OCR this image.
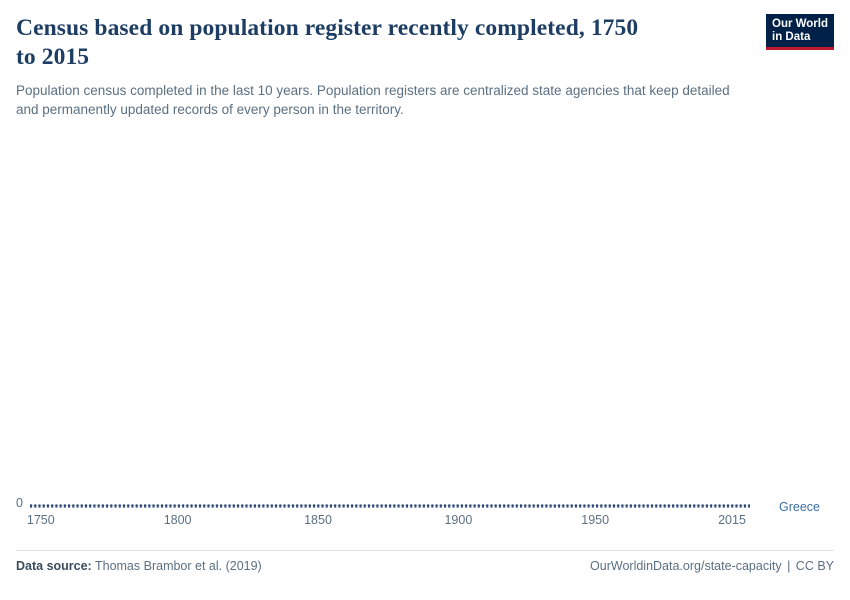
Census based on population register recently completed, 1750 to 2015

Population census completed in the last 10 years. Population registers are centralized state agencies that keep detailed and permanently updated records of every person in the territory.

Our World
in Data
0	Greece
1750	1800	1850	1900	1950	2015
Data source: Thomas Brambor et al. (2019)	OurWorldinData.org/state-capacity | CC BY
